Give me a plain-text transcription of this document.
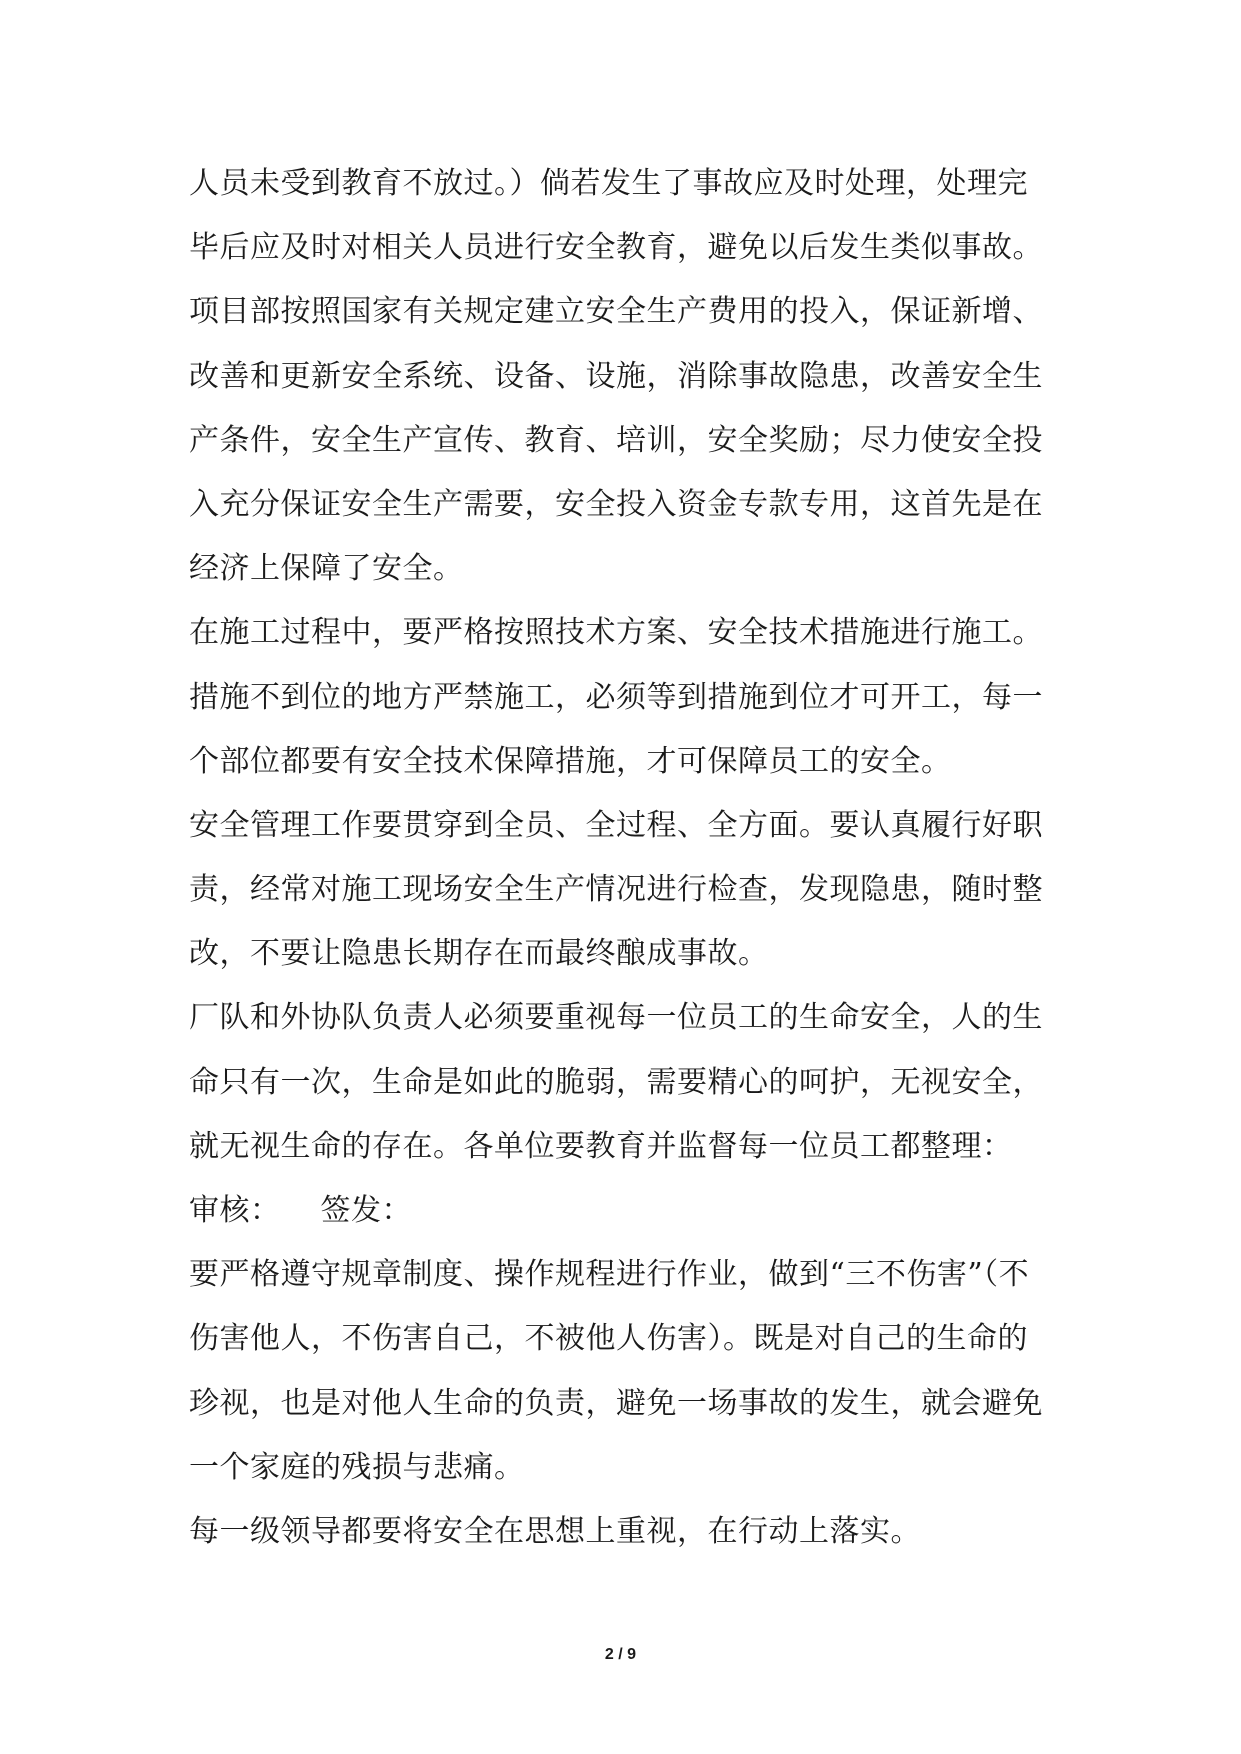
人员未受到教育不放过。）倘若发生了事故应及时处理，处理完
毕后应及时对相关人员进行安全教育，避免以后发生类似事故。
项目部按照国家有关规定建立安全生产费用的投入，保证新增、
改善和更新安全系统、设备、设施，消除事故隐患，改善安全生
产条件，安全生产宣传、教育、培训，安全奖励；尽力使安全投
入充分保证安全生产需要，安全投入资金专款专用，这首先是在
经济上保障了安全。
在施工过程中，要严格按照技术方案、安全技术措施进行施工。
措施不到位的地方严禁施工，必须等到措施到位才可开工，每一
个部位都要有安全技术保障措施，才可保障员工的安全。
安全管理工作要贯穿到全员、全过程、全方面。要认真履行好职
责，经常对施工现场安全生产情况进行检查，发现隐患，随时整
改，不要让隐患长期存在而最终酿成事故。
厂队和外协队负责人必须要重视每一位员工的生命安全，人的生
命只有一次，生命是如此的脆弱，需要精心的呵护，无视安全，
就无视生命的存在。各单位要教育并监督每一位员工都整理：
审核： 签发：
要严格遵守规章制度、操作规程进行作业，做到“三不伤害”（不
伤害他人，不伤害自己，不被他人伤害）。既是对自己的生命的
珍视，也是对他人生命的负责，避免一场事故的发生，就会避免
一个家庭的残损与悲痛。
每一级领导都要将安全在思想上重视，在行动上落实。
2 / 9
